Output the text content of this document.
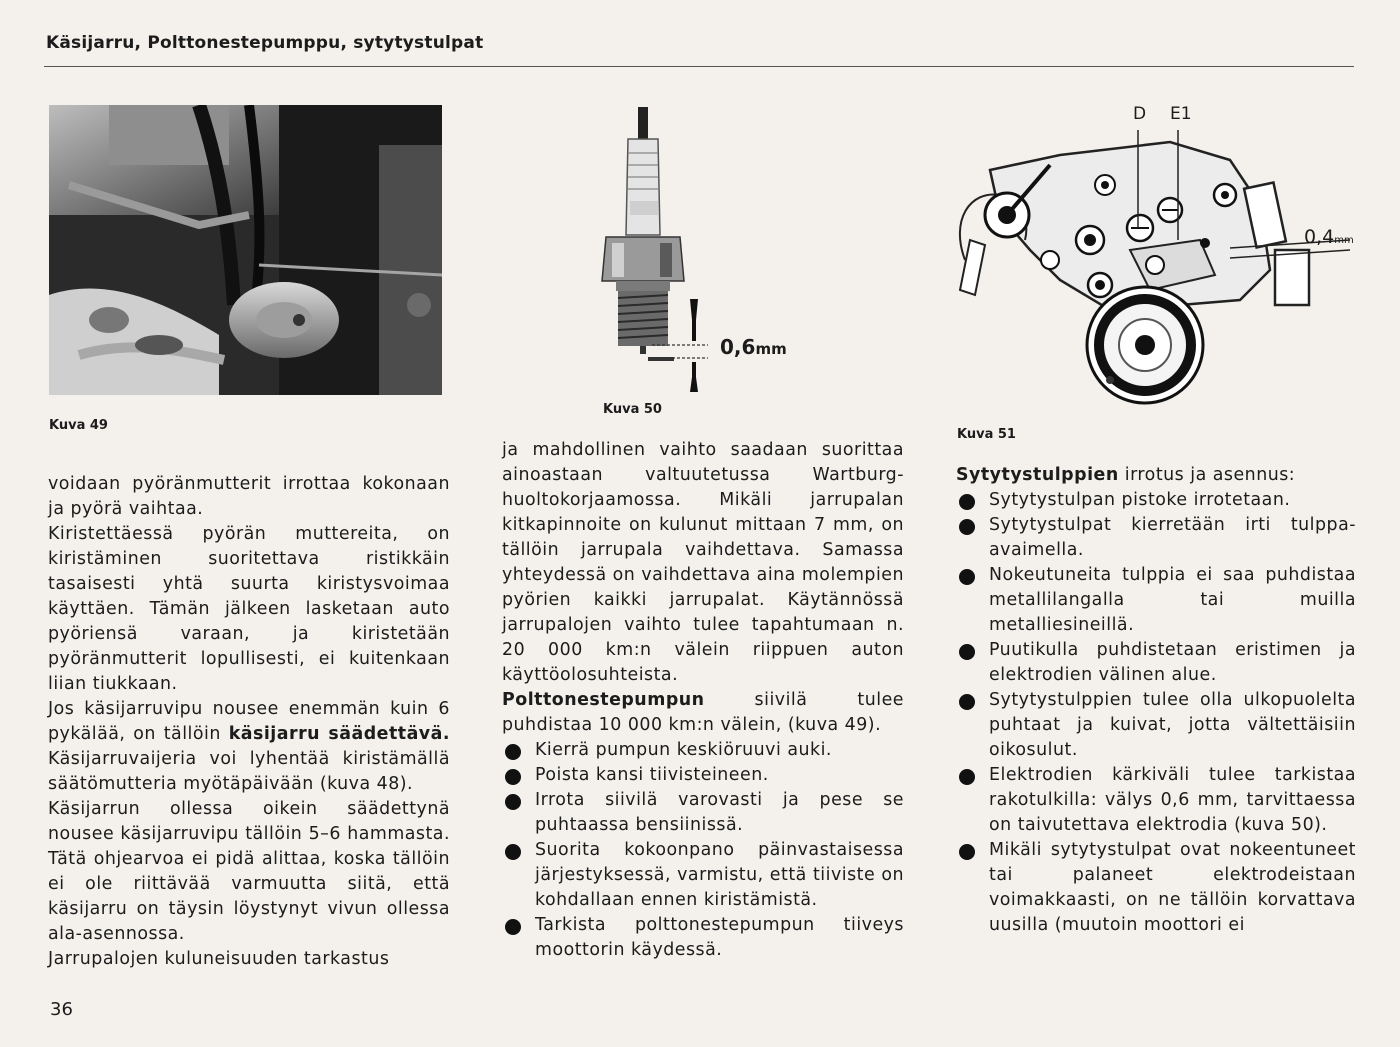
Käsijarru, Polttonestepumppu, sytytystulpat
Kuva 49
0,6mm
Kuva 50
D E1
0,4mm
Kuva 51

voidaan pyöränmutterit irrottaa kokonaan ja pyörä vaihtaa.

Kiristettäessä pyörän muttereita, on kiristäminen suoritettava ristikkäin tasaisesti yhtä suurta kiristysvoimaa käyttäen. Tämän jälkeen lasketaan auto pyöriensä varaan, ja kiristetään pyöränmutterit lopullisesti, ei kuitenkaan liian tiukkaan.

Jos käsijarruvipu nousee enemmän kuin 6 pykälää, on tällöin käsijarru säädettävä. Käsijarruvaijeria voi lyhentää kiristämällä säätömutteria myötäpäivään (kuva 48).

Käsijarrun ollessa oikein säädettynä nousee käsijarruvipu tällöin 5–6 hammasta. Tätä ohjearvoa ei pidä alittaa, koska tällöin ei ole riittävää varmuutta siitä, että käsijarru on täysin löystynyt vivun ollessa ala-asennossa.

Jarrupalojen kuluneisuuden tarkastus

ja mahdollinen vaihto saadaan suorittaa ainoastaan valtuutetussa Wartburg-huoltokorjaamossa. Mikäli jarrupalan kitkapinnoite on kulunut mittaan 7 mm, on tällöin jarrupala vaihdettava. Samassa yhteydessä on vaihdettava aina molempien pyörien kaikki jarrupalat. Käytännössä jarrupalojen vaihto tulee tapahtumaan n. 20 000 km:n välein riippuen auton käyttöolosuhteista.

Polttonestepumpun siivilä tulee puhdistaa 10 000 km:n välein, (kuva 49).

Kierrä pumpun keskiöruuvi auki.
Poista kansi tiivisteineen.
Irrota siivilä varovasti ja pese se puhtaassa bensiinissä.
Suorita kokoonpano päinvastaisessa järjestyksessä, varmistu, että tiiviste on kohdallaan ennen kiristämistä.
Tarkista polttonestepumpun tiiveys moottorin käydessä.

Sytytystulppien irrotus ja asennus:

Sytytystulpan pistoke irrotetaan.
Sytytystulpat kierretään irti tulppa-avaimella.
Nokeutuneita tulppia ei saa puhdistaa metallilangalla tai muilla metalliesineillä.
Puutikulla puhdistetaan eristimen ja elektrodien välinen alue.
Sytytystulppien tulee olla ulkopuolelta puhtaat ja kuivat, jotta vältettäisiin oikosulut.
Elektrodien kärkiväli tulee tarkistaa rakotulkilla: välys 0,6 mm, tarvittaessa on taivutettava elektrodia (kuva 50).
Mikäli sytytystulpat ovat nokeentuneet tai palaneet elektrodeistaan voimakkaasti, on ne tällöin korvattava uusilla (muutoin moottori ei
36
